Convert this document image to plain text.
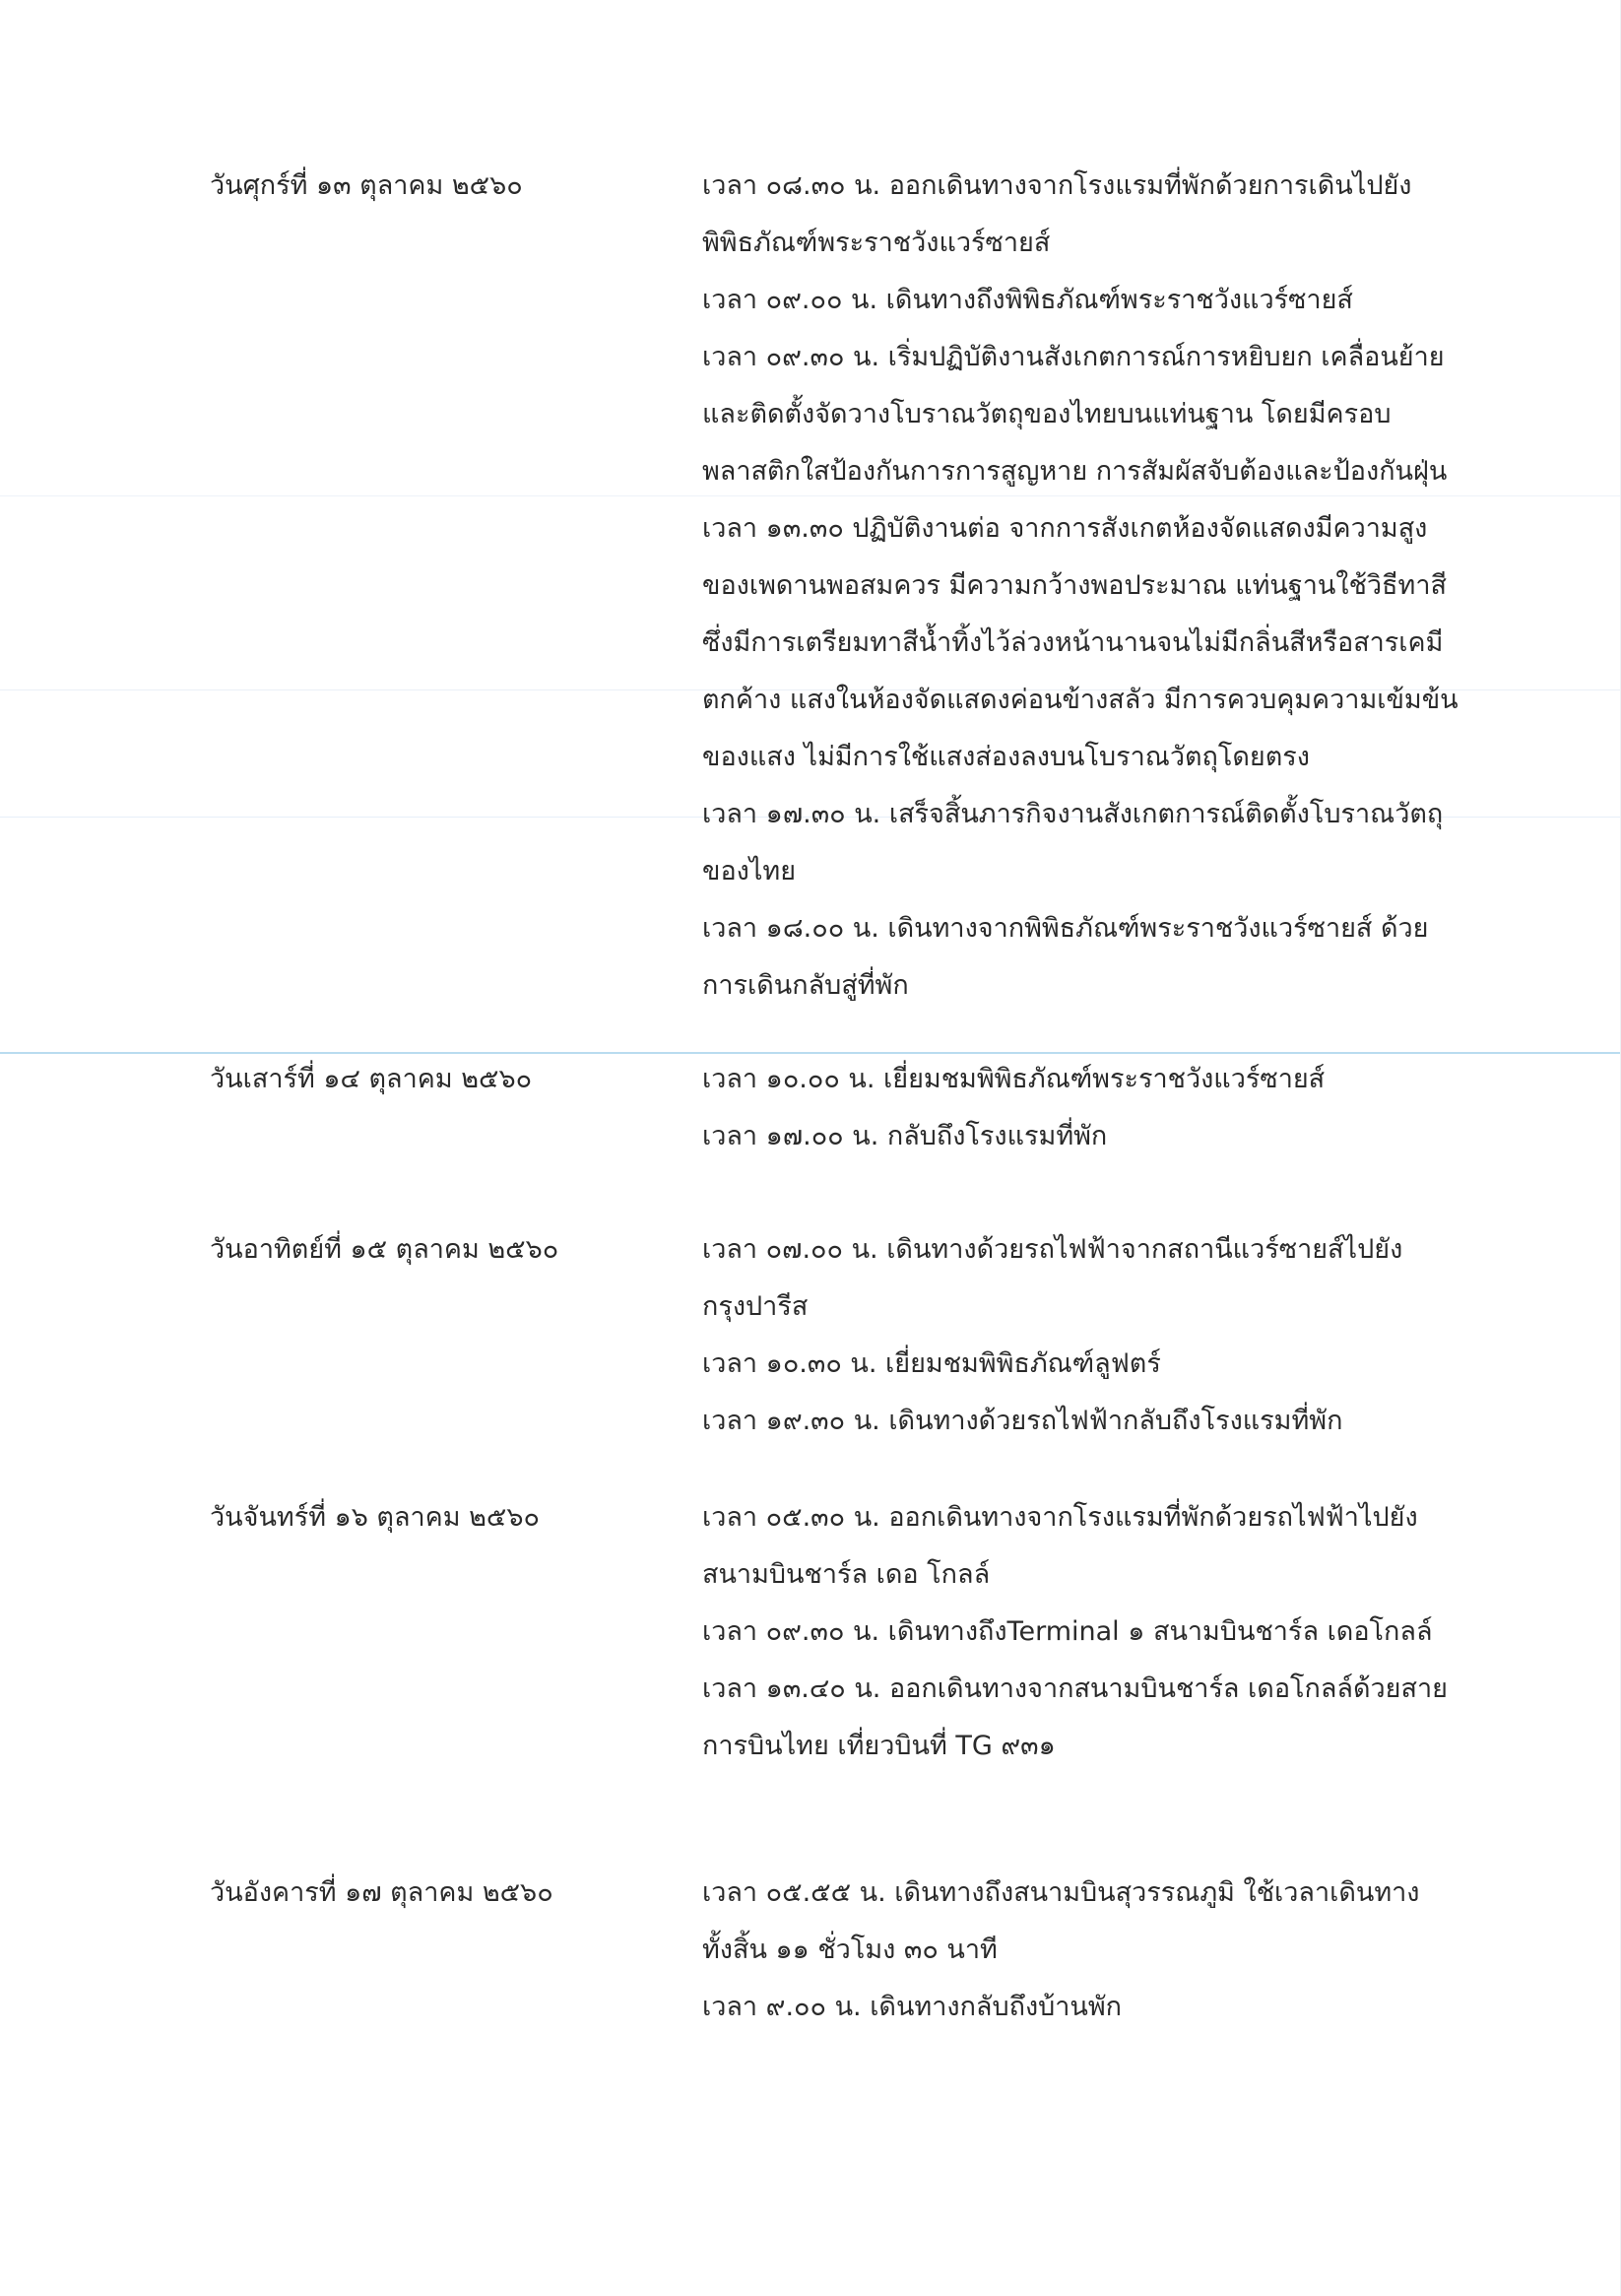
วันศุกร์ที่ ๑๓ ตุลาคม ๒๕๖๐	เวลา ๐๘.๓๐ น. ออกเดินทางจากโรงแรมที่พักด้วยการเดินไปยัง
พิพิธภัณฑ์พระราชวังแวร์ซายส์
เวลา ๐๙.๐๐ น. เดินทางถึงพิพิธภัณฑ์พระราชวังแวร์ซายส์
เวลา ๐๙.๓๐ น. เริ่มปฏิบัติงานสังเกตการณ์การหยิบยก เคลื่อนย้าย
และติดตั้งจัดวางโบราณวัตถุของไทยบนแท่นฐาน โดยมีครอบ
พลาสติกใสป้องกันการการสูญหาย การสัมผัสจับต้องและป้องกันฝุ่น
เวลา ๑๓.๓๐ ปฏิบัติงานต่อ จากการสังเกตห้องจัดแสดงมีความสูง
ของเพดานพอสมควร มีความกว้างพอประมาณ แท่นฐานใช้วิธีทาสี
ซึ่งมีการเตรียมทาสีน้ำทิ้งไว้ล่วงหน้านานจนไม่มีกลิ่นสีหรือสารเคมี
ตกค้าง แสงในห้องจัดแสดงค่อนข้างสลัว มีการควบคุมความเข้มข้น
ของแสง ไม่มีการใช้แสงส่องลงบนโบราณวัตถุโดยตรง
เวลา ๑๗.๓๐ น. เสร็จสิ้นภารกิจงานสังเกตการณ์ติดตั้งโบราณวัตถุ
ของไทย
เวลา ๑๘.๐๐ น. เดินทางจากพิพิธภัณฑ์พระราชวังแวร์ซายส์ ด้วย
การเดินกลับสู่ที่พัก
วันเสาร์ที่ ๑๔ ตุลาคม ๒๕๖๐	เวลา ๑๐.๐๐ น. เยี่ยมชมพิพิธภัณฑ์พระราชวังแวร์ซายส์
เวลา ๑๗.๐๐ น. กลับถึงโรงแรมที่พัก
วันอาทิตย์ที่ ๑๕ ตุลาคม ๒๕๖๐	เวลา ๐๗.๐๐ น. เดินทางด้วยรถไฟฟ้าจากสถานีแวร์ซายส์ไปยัง
กรุงปารีส
เวลา ๑๐.๓๐ น. เยี่ยมชมพิพิธภัณฑ์ลูฟตร์
เวลา ๑๙.๓๐ น. เดินทางด้วยรถไฟฟ้ากลับถึงโรงแรมที่พัก
วันจันทร์ที่ ๑๖ ตุลาคม ๒๕๖๐	เวลา ๐๕.๓๐ น. ออกเดินทางจากโรงแรมที่พักด้วยรถไฟฟ้าไปยัง
สนามบินชาร์ล เดอ โกลล์
เวลา ๐๙.๓๐ น. เดินทางถึงTerminal ๑ สนามบินชาร์ล เดอโกลล์
เวลา ๑๓.๔๐ น. ออกเดินทางจากสนามบินชาร์ล เดอโกลล์ด้วยสาย
การบินไทย เที่ยวบินที่ TG ๙๓๑
วันอังคารที่ ๑๗ ตุลาคม ๒๕๖๐	เวลา ๐๕.๕๕ น. เดินทางถึงสนามบินสุวรรณภูมิ ใช้เวลาเดินทาง
ทั้งสิ้น ๑๑ ชั่วโมง ๓๐ นาที
เวลา ๙.๐๐ น. เดินทางกลับถึงบ้านพัก
